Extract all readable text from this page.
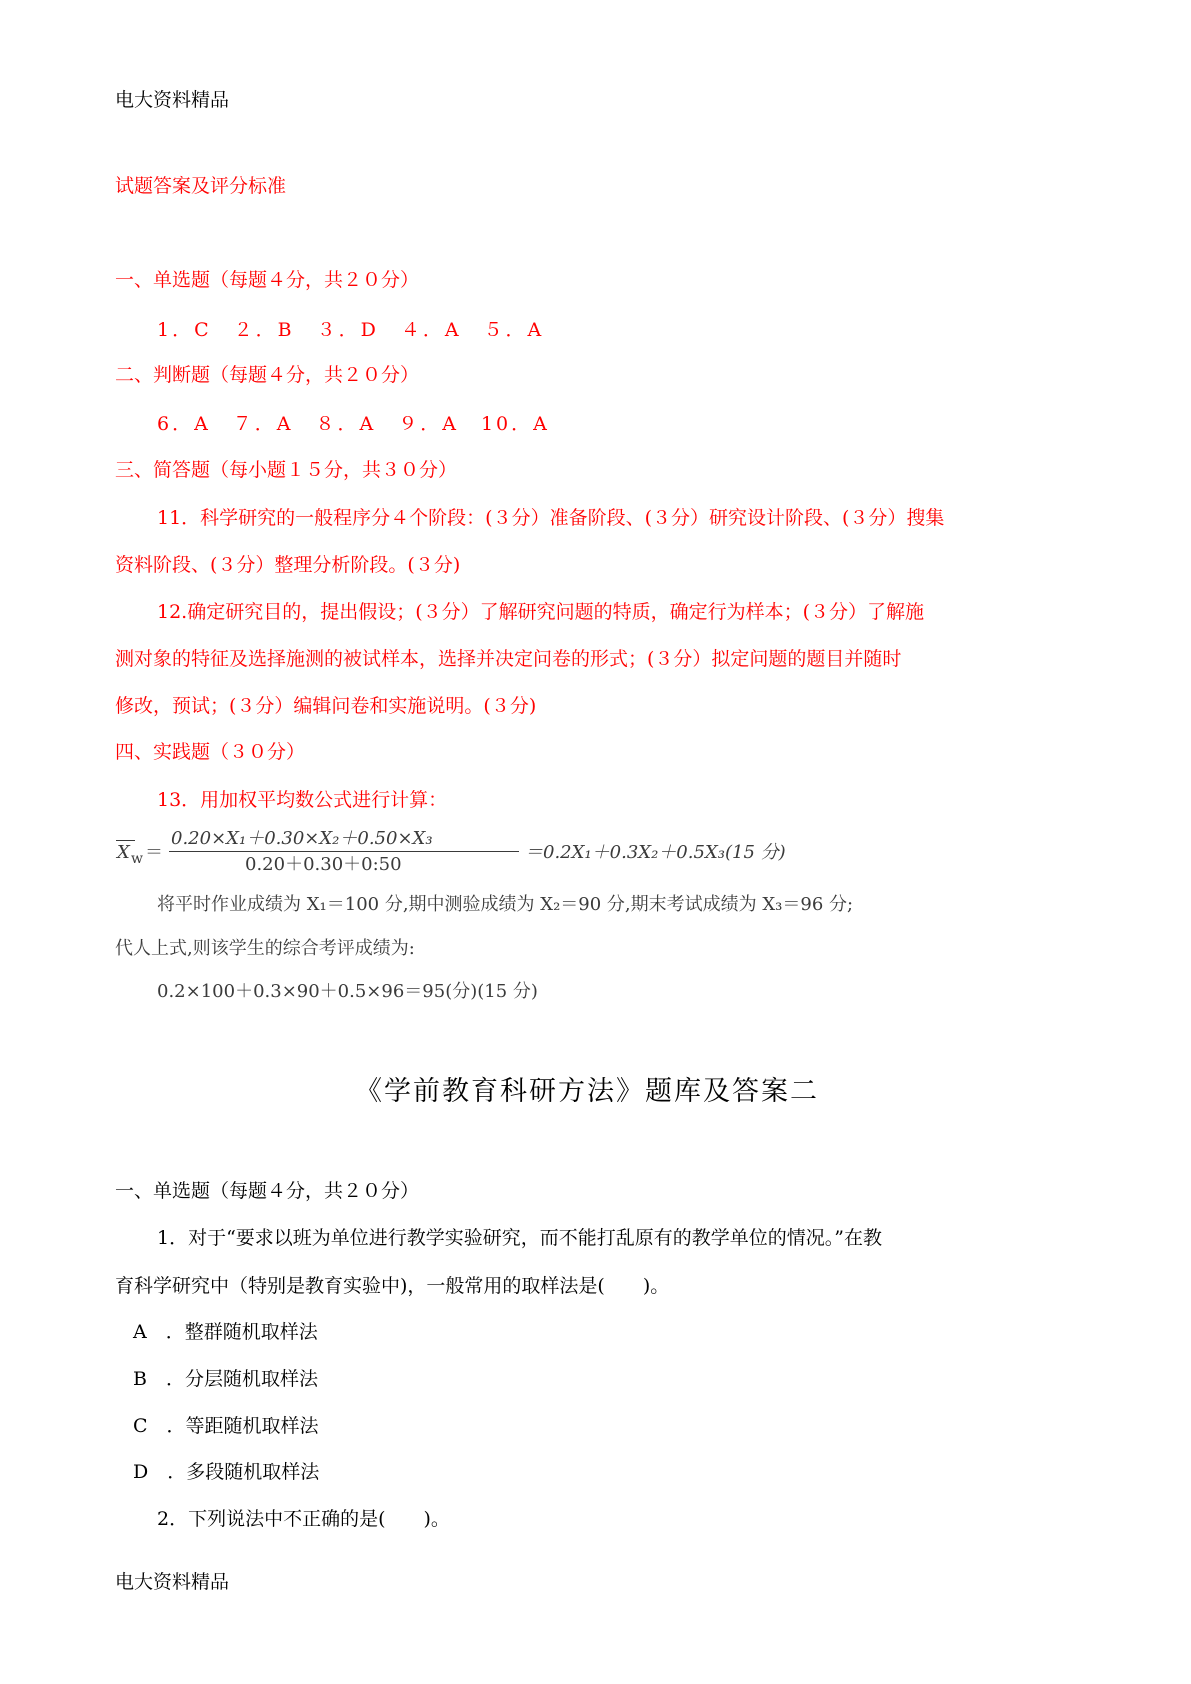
电大资料精品
试题答案及评分标准
一、单选题（每题４分，共２０分）
1．C　２．B　３．D　４．A　５．A
二、判断题（每题４分，共２０分）
6．A　７．A　８．A　９．A　10．A
三、简答题（每小题１５分，共３０分）
11．科学研究的一般程序分４个阶段：(３分）准备阶段、(３分）研究设计阶段、(３分）搜集
资料阶段、(３分）整理分析阶段。(３分)
12.确定研究目的，提出假设；(３分）了解研究问题的特质，确定行为样本；(３分）了解施
测对象的特征及选择施测的被试样本，选择并决定问卷的形式；(３分）拟定问题的题目并随时
修改，预试；(３分）编辑问卷和实施说明。(３分)
四、实践题（３０分）
13．用加权平均数公式进行计算：
X w ＝
0.20×X₁＋0.30×X₂＋0.50×X₃
0.20＋0.30＋0:50
＝0.2X₁＋0.3X₂＋0.5X₃(15 分)
将平时作业成绩为 X₁＝100 分,期中测验成绩为 X₂＝90 分,期末考试成绩为 X₃＝96 分;
代人上式,则该学生的综合考评成绩为:
0.2×100＋0.3×90＋0.5×96＝95(分)(15 分)
《学前教育科研方法》题库及答案二
一、单选题（每题４分，共２０分）
1．对于“要求以班为单位进行教学实验研究，而不能打乱原有的教学单位的情况。”在教
育科学研究中（特别是教育实验中)，一般常用的取样法是(　　)。
A　．整群随机取样法
B　．分层随机取样法
C　．等距随机取样法
D　．多段随机取样法
2．下列说法中不正确的是(　　)。
电大资料精品
